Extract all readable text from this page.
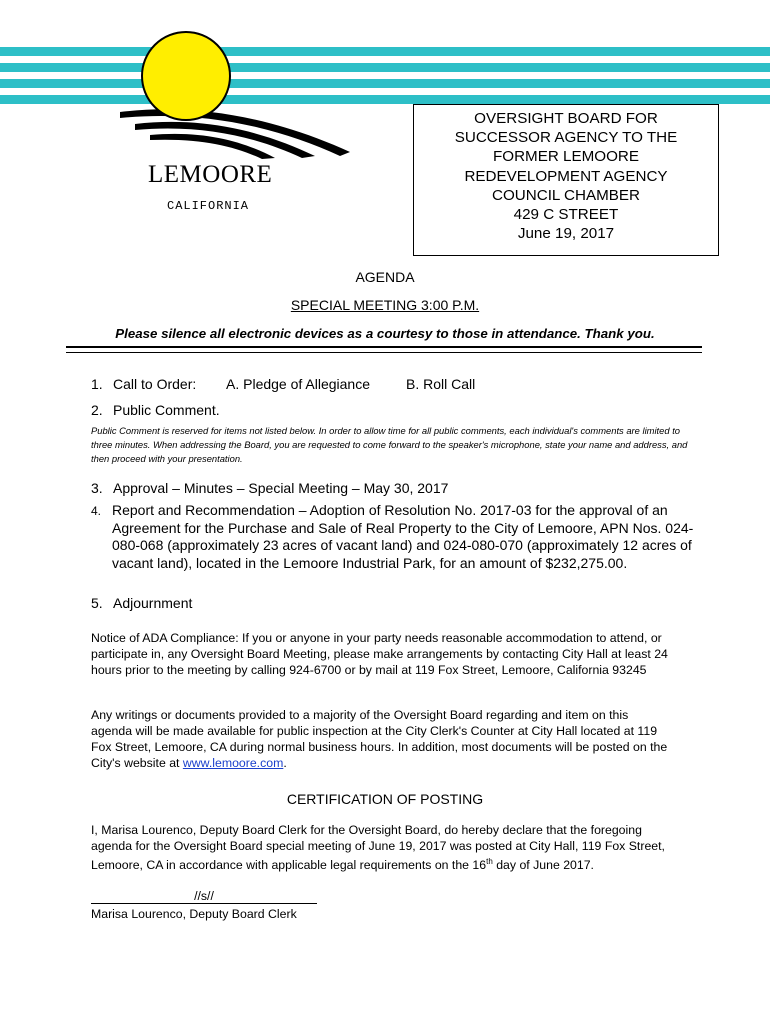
LEMOORE
CALIFORNIA
OVERSIGHT BOARD FOR
SUCCESSOR AGENCY TO THE
FORMER LEMOORE
REDEVELOPMENT AGENCY
COUNCIL CHAMBER
429 C STREET
June 19, 2017
AGENDA
SPECIAL MEETING 3:00 P.M.
Please silence all electronic devices as a courtesy to those in attendance. Thank you.
1. Call to Order: A. Pledge of Allegiance	B. Roll Call
2. Public Comment.
Public Comment is reserved for items not listed below. In order to allow time for all public comments, each individual's comments are limited to three minutes. When addressing the Board, you are requested to come forward to the speaker's microphone, state your name and address, and then proceed with your presentation.
3. Approval – Minutes – Special Meeting – May 30, 2017
4. Report and Recommendation – Adoption of Resolution No. 2017-03 for the approval of an Agreement for the Purchase and Sale of Real Property to the City of Lemoore, APN Nos. 024-080-068 (approximately 23 acres of vacant land) and 024-080-070 (approximately 12 acres of vacant land), located in the Lemoore Industrial Park, for an amount of $232,275.00.
5. Adjournment
Notice of ADA Compliance: If you or anyone in your party needs reasonable accommodation to attend, or participate in, any Oversight Board Meeting, please make arrangements by contacting City Hall at least 24 hours prior to the meeting by calling 924-6700 or by mail at 119 Fox Street, Lemoore, California 93245
Any writings or documents provided to a majority of the Oversight Board regarding and item on this agenda will be made available for public inspection at the City Clerk's Counter at City Hall located at 119 Fox Street, Lemoore, CA during normal business hours. In addition, most documents will be posted on the City's website at www.lemoore.com.
CERTIFICATION OF POSTING
I, Marisa Lourenco, Deputy Board Clerk for the Oversight Board, do hereby declare that the foregoing agenda for the Oversight Board special meeting of June 19, 2017 was posted at City Hall, 119 Fox Street, Lemoore, CA in accordance with applicable legal requirements on the 16th day of June 2017.
//s//
Marisa Lourenco, Deputy Board Clerk
